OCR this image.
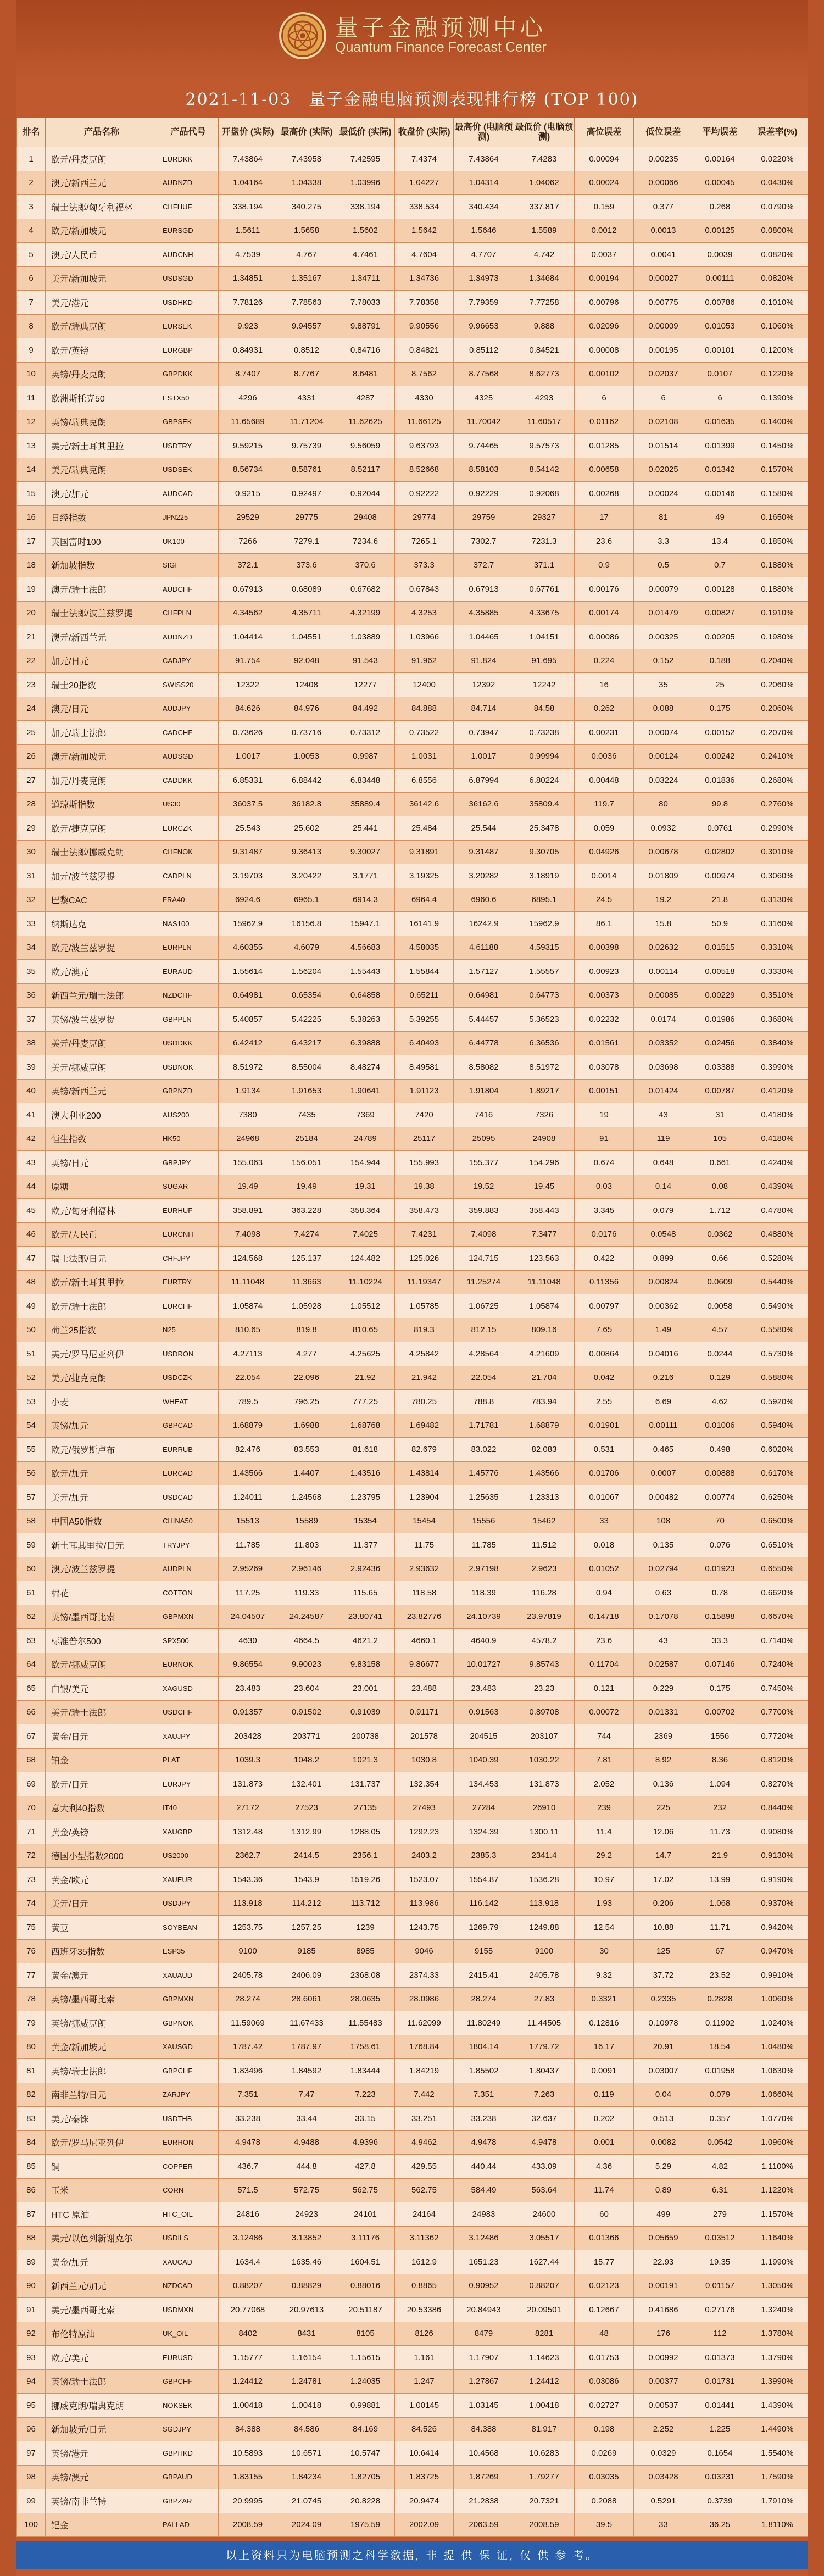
量子金融预测中心
Quantum Finance Forecast Center
2021-11-03 量子金融电脑预测表现排行榜 (TOP 100)
排名	产品名称	产品代号	开盘价 (实际)	最高价 (实际)	最低价 (实际)	收盘价 (实际)	最高价 (电脑预测)	最低价 (电脑预测)	高位误差	低位误差	平均误差	误差率(%)
1	欧元/丹麦克朗	EURDKK	7.43864	7.43958	7.42595	7.4374	7.43864	7.4283	0.00094	0.00235	0.00164	0.0220%
2	澳元/新西兰元	AUDNZD	1.04164	1.04338	1.03996	1.04227	1.04314	1.04062	0.00024	0.00066	0.00045	0.0430%
3	瑞士法郎/匈牙利福林	CHFHUF	338.194	340.275	338.194	338.534	340.434	337.817	0.159	0.377	0.268	0.0790%
4	欧元/新加坡元	EURSGD	1.5611	1.5658	1.5602	1.5642	1.5646	1.5589	0.0012	0.0013	0.00125	0.0800%
5	澳元/人民币	AUDCNH	4.7539	4.767	4.7461	4.7604	4.7707	4.742	0.0037	0.0041	0.0039	0.0820%
6	美元/新加坡元	USDSGD	1.34851	1.35167	1.34711	1.34736	1.34973	1.34684	0.00194	0.00027	0.00111	0.0820%
7	美元/港元	USDHKD	7.78126	7.78563	7.78033	7.78358	7.79359	7.77258	0.00796	0.00775	0.00786	0.1010%
8	欧元/瑞典克朗	EURSEK	9.923	9.94557	9.88791	9.90556	9.96653	9.888	0.02096	0.00009	0.01053	0.1060%
9	欧元/英镑	EURGBP	0.84931	0.8512	0.84716	0.84821	0.85112	0.84521	0.00008	0.00195	0.00101	0.1200%
10	英镑/丹麦克朗	GBPDKK	8.7407	8.7767	8.6481	8.7562	8.77568	8.62773	0.00102	0.02037	0.0107	0.1220%
11	欧洲斯托克50	ESTX50	4296	4331	4287	4330	4325	4293	6	6	6	0.1390%
12	英镑/瑞典克朗	GBPSEK	11.65689	11.71204	11.62625	11.66125	11.70042	11.60517	0.01162	0.02108	0.01635	0.1400%
13	美元/新土耳其里拉	USDTRY	9.59215	9.75739	9.56059	9.63793	9.74465	9.57573	0.01285	0.01514	0.01399	0.1450%
14	美元/瑞典克朗	USDSEK	8.56734	8.58761	8.52117	8.52668	8.58103	8.54142	0.00658	0.02025	0.01342	0.1570%
15	澳元/加元	AUDCAD	0.9215	0.92497	0.92044	0.92222	0.92229	0.92068	0.00268	0.00024	0.00146	0.1580%
16	日经指数	JPN225	29529	29775	29408	29774	29759	29327	17	81	49	0.1650%
17	英国富时100	UK100	7266	7279.1	7234.6	7265.1	7302.7	7231.3	23.6	3.3	13.4	0.1850%
18	新加坡指数	SIGI	372.1	373.6	370.6	373.3	372.7	371.1	0.9	0.5	0.7	0.1880%
19	澳元/瑞士法郎	AUDCHF	0.67913	0.68089	0.67682	0.67843	0.67913	0.67761	0.00176	0.00079	0.00128	0.1880%
20	瑞士法郎/波兰兹罗提	CHFPLN	4.34562	4.35711	4.32199	4.3253	4.35885	4.33675	0.00174	0.01479	0.00827	0.1910%
21	澳元/新西兰元	AUDNZD	1.04414	1.04551	1.03889	1.03966	1.04465	1.04151	0.00086	0.00325	0.00205	0.1980%
22	加元/日元	CADJPY	91.754	92.048	91.543	91.962	91.824	91.695	0.224	0.152	0.188	0.2040%
23	瑞士20指数	SWISS20	12322	12408	12277	12400	12392	12242	16	35	25	0.2060%
24	澳元/日元	AUDJPY	84.626	84.976	84.492	84.888	84.714	84.58	0.262	0.088	0.175	0.2060%
25	加元/瑞士法郎	CADCHF	0.73626	0.73716	0.73312	0.73522	0.73947	0.73238	0.00231	0.00074	0.00152	0.2070%
26	澳元/新加坡元	AUDSGD	1.0017	1.0053	0.9987	1.0031	1.0017	0.99994	0.0036	0.00124	0.00242	0.2410%
27	加元/丹麦克朗	CADDKK	6.85331	6.88442	6.83448	6.8556	6.87994	6.80224	0.00448	0.03224	0.01836	0.2680%
28	道琼斯指数	US30	36037.5	36182.8	35889.4	36142.6	36162.6	35809.4	119.7	80	99.8	0.2760%
29	欧元/捷克克朗	EURCZK	25.543	25.602	25.441	25.484	25.544	25.3478	0.059	0.0932	0.0761	0.2990%
30	瑞士法郎/挪威克朗	CHFNOK	9.31487	9.36413	9.30027	9.31891	9.31487	9.30705	0.04926	0.00678	0.02802	0.3010%
31	加元/波兰兹罗提	CADPLN	3.19703	3.20422	3.1771	3.19325	3.20282	3.18919	0.0014	0.01809	0.00974	0.3060%
32	巴黎CAC	FRA40	6924.6	6965.1	6914.3	6964.4	6960.6	6895.1	24.5	19.2	21.8	0.3130%
33	纳斯达克	NAS100	15962.9	16156.8	15947.1	16141.9	16242.9	15962.9	86.1	15.8	50.9	0.3160%
34	欧元/波兰兹罗提	EURPLN	4.60355	4.6079	4.56683	4.58035	4.61188	4.59315	0.00398	0.02632	0.01515	0.3310%
35	欧元/澳元	EURAUD	1.55614	1.56204	1.55443	1.55844	1.57127	1.55557	0.00923	0.00114	0.00518	0.3330%
36	新西兰元/瑞士法郎	NZDCHF	0.64981	0.65354	0.64858	0.65211	0.64981	0.64773	0.00373	0.00085	0.00229	0.3510%
37	英镑/波兰兹罗提	GBPPLN	5.40857	5.42225	5.38263	5.39255	5.44457	5.36523	0.02232	0.0174	0.01986	0.3680%
38	美元/丹麦克朗	USDDKK	6.42412	6.43217	6.39888	6.40493	6.44778	6.36536	0.01561	0.03352	0.02456	0.3840%
39	美元/挪威克朗	USDNOK	8.51972	8.55004	8.48274	8.49581	8.58082	8.51972	0.03078	0.03698	0.03388	0.3990%
40	英镑/新西兰元	GBPNZD	1.9134	1.91653	1.90641	1.91123	1.91804	1.89217	0.00151	0.01424	0.00787	0.4120%
41	澳大利亚200	AUS200	7380	7435	7369	7420	7416	7326	19	43	31	0.4180%
42	恒生指数	HK50	24968	25184	24789	25117	25095	24908	91	119	105	0.4180%
43	英镑/日元	GBPJPY	155.063	156.051	154.944	155.993	155.377	154.296	0.674	0.648	0.661	0.4240%
44	原糖	SUGAR	19.49	19.49	19.31	19.38	19.52	19.45	0.03	0.14	0.08	0.4390%
45	欧元/匈牙利福林	EURHUF	358.891	363.228	358.364	358.473	359.883	358.443	3.345	0.079	1.712	0.4780%
46	欧元/人民币	EURCNH	7.4098	7.4274	7.4025	7.4231	7.4098	7.3477	0.0176	0.0548	0.0362	0.4880%
47	瑞士法郎/日元	CHFJPY	124.568	125.137	124.482	125.026	124.715	123.563	0.422	0.899	0.66	0.5280%
48	欧元/新土耳其里拉	EURTRY	11.11048	11.3663	11.10224	11.19347	11.25274	11.11048	0.11356	0.00824	0.0609	0.5440%
49	欧元/瑞士法郎	EURCHF	1.05874	1.05928	1.05512	1.05785	1.06725	1.05874	0.00797	0.00362	0.0058	0.5490%
50	荷兰25指数	N25	810.65	819.8	810.65	819.3	812.15	809.16	7.65	1.49	4.57	0.5580%
51	美元/罗马尼亚列伊	USDRON	4.27113	4.277	4.25625	4.25842	4.28564	4.21609	0.00864	0.04016	0.0244	0.5730%
52	美元/捷克克朗	USDCZK	22.054	22.096	21.92	21.942	22.054	21.704	0.042	0.216	0.129	0.5880%
53	小麦	WHEAT	789.5	796.25	777.25	780.25	788.8	783.94	2.55	6.69	4.62	0.5920%
54	英镑/加元	GBPCAD	1.68879	1.6988	1.68768	1.69482	1.71781	1.68879	0.01901	0.00111	0.01006	0.5940%
55	欧元/俄罗斯卢布	EURRUB	82.476	83.553	81.618	82.679	83.022	82.083	0.531	0.465	0.498	0.6020%
56	欧元/加元	EURCAD	1.43566	1.4407	1.43516	1.43814	1.45776	1.43566	0.01706	0.0007	0.00888	0.6170%
57	美元/加元	USDCAD	1.24011	1.24568	1.23795	1.23904	1.25635	1.23313	0.01067	0.00482	0.00774	0.6250%
58	中国A50指数	CHINA50	15513	15589	15354	15454	15556	15462	33	108	70	0.6500%
59	新土耳其里拉/日元	TRYJPY	11.785	11.803	11.377	11.75	11.785	11.512	0.018	0.135	0.076	0.6510%
60	澳元/波兰兹罗提	AUDPLN	2.95269	2.96146	2.92436	2.93632	2.97198	2.9623	0.01052	0.02794	0.01923	0.6550%
61	棉花	COTTON	117.25	119.33	115.65	118.58	118.39	116.28	0.94	0.63	0.78	0.6620%
62	英镑/墨西哥比索	GBPMXN	24.04507	24.24587	23.80741	23.82776	24.10739	23.97819	0.14718	0.17078	0.15898	0.6670%
63	标准普尔500	SPX500	4630	4664.5	4621.2	4660.1	4640.9	4578.2	23.6	43	33.3	0.7140%
64	欧元/挪威克朗	EURNOK	9.86554	9.90023	9.83158	9.86677	10.01727	9.85743	0.11704	0.02587	0.07146	0.7240%
65	白银/美元	XAGUSD	23.483	23.604	23.001	23.488	23.483	23.23	0.121	0.229	0.175	0.7450%
66	美元/瑞士法郎	USDCHF	0.91357	0.91502	0.91039	0.91171	0.91563	0.89708	0.00072	0.01331	0.00702	0.7700%
67	黄金/日元	XAUJPY	203428	203771	200738	201578	204515	203107	744	2369	1556	0.7720%
68	铂金	PLAT	1039.3	1048.2	1021.3	1030.8	1040.39	1030.22	7.81	8.92	8.36	0.8120%
69	欧元/日元	EURJPY	131.873	132.401	131.737	132.354	134.453	131.873	2.052	0.136	1.094	0.8270%
70	意大利40指数	IT40	27172	27523	27135	27493	27284	26910	239	225	232	0.8440%
71	黄金/英镑	XAUGBP	1312.48	1312.99	1288.05	1292.23	1324.39	1300.11	11.4	12.06	11.73	0.9080%
72	德国小型指数2000	US2000	2362.7	2414.5	2356.1	2403.2	2385.3	2341.4	29.2	14.7	21.9	0.9130%
73	黄金/欧元	XAUEUR	1543.36	1543.9	1519.26	1523.07	1554.87	1536.28	10.97	17.02	13.99	0.9190%
74	美元/日元	USDJPY	113.918	114.212	113.712	113.986	116.142	113.918	1.93	0.206	1.068	0.9370%
75	黄豆	SOYBEAN	1253.75	1257.25	1239	1243.75	1269.79	1249.88	12.54	10.88	11.71	0.9420%
76	西班牙35指数	ESP35	9100	9185	8985	9046	9155	9100	30	125	67	0.9470%
77	黄金/澳元	XAUAUD	2405.78	2406.09	2368.08	2374.33	2415.41	2405.78	9.32	37.72	23.52	0.9910%
78	英镑/墨西哥比索	GBPMXN	28.274	28.6061	28.0635	28.0986	28.274	27.83	0.3321	0.2335	0.2828	1.0060%
79	英镑/挪威克朗	GBPNOK	11.59069	11.67433	11.55483	11.62099	11.80249	11.44505	0.12816	0.10978	0.11902	1.0240%
80	黄金/新加坡元	XAUSGD	1787.42	1787.97	1758.61	1768.84	1804.14	1779.72	16.17	20.91	18.54	1.0480%
81	英镑/瑞士法郎	GBPCHF	1.83496	1.84592	1.83444	1.84219	1.85502	1.80437	0.0091	0.03007	0.01958	1.0630%
82	南非兰特/日元	ZARJPY	7.351	7.47	7.223	7.442	7.351	7.263	0.119	0.04	0.079	1.0660%
83	美元/泰铢	USDTHB	33.238	33.44	33.15	33.251	33.238	32.637	0.202	0.513	0.357	1.0770%
84	欧元/罗马尼亚列伊	EURRON	4.9478	4.9488	4.9396	4.9462	4.9478	4.9478	0.001	0.0082	0.0542	1.0960%
85	铜	COPPER	436.7	444.8	427.8	429.55	440.44	433.09	4.36	5.29	4.82	1.1100%
86	玉米	CORN	571.5	572.75	562.75	562.75	584.49	563.64	11.74	0.89	6.31	1.1220%
87	HTC 原油	HTC_OIL	24816	24923	24101	24164	24983	24600	60	499	279	1.1570%
88	美元/以色列新谢克尔	USDILS	3.12486	3.13852	3.11176	3.11362	3.12486	3.05517	0.01366	0.05659	0.03512	1.1640%
89	黄金/加元	XAUCAD	1634.4	1635.46	1604.51	1612.9	1651.23	1627.44	15.77	22.93	19.35	1.1990%
90	新西兰元/加元	NZDCAD	0.88207	0.88829	0.88016	0.8865	0.90952	0.88207	0.02123	0.00191	0.01157	1.3050%
91	美元/墨西哥比索	USDMXN	20.77068	20.97613	20.51187	20.53386	20.84943	20.09501	0.12667	0.41686	0.27176	1.3240%
92	布伦特原油	UK_OIL	8402	8431	8105	8126	8479	8281	48	176	112	1.3780%
93	欧元/美元	EURUSD	1.15777	1.16154	1.15615	1.161	1.17907	1.14623	0.01753	0.00992	0.01373	1.3790%
94	英镑/瑞士法郎	GBPCHF	1.24412	1.24781	1.24035	1.247	1.27867	1.24412	0.03086	0.00377	0.01731	1.3990%
95	挪威克朗/瑞典克朗	NOKSEK	1.00418	1.00418	0.99881	1.00145	1.03145	1.00418	0.02727	0.00537	0.01441	1.4390%
96	新加坡元/日元	SGDJPY	84.388	84.586	84.169	84.526	84.388	81.917	0.198	2.252	1.225	1.4490%
97	英镑/港元	GBPHKD	10.5893	10.6571	10.5747	10.6414	10.4568	10.6283	0.0269	0.0329	0.1654	1.5540%
98	英镑/澳元	GBPAUD	1.83155	1.84234	1.82705	1.83725	1.87269	1.79277	0.03035	0.03428	0.03231	1.7590%
99	英镑/南非兰特	GBPZAR	20.9995	21.0745	20.8228	20.9474	21.2838	20.7321	0.2088	0.5291	0.3739	1.7910%
100	钯金	PALLAD	2008.59	2024.09	1975.59	2002.09	2063.59	2008.59	39.5	33	36.25	1.8110%
以上资料只为电脑预测之科学数据, 非 提 供 保 证, 仅 供 参 考。
